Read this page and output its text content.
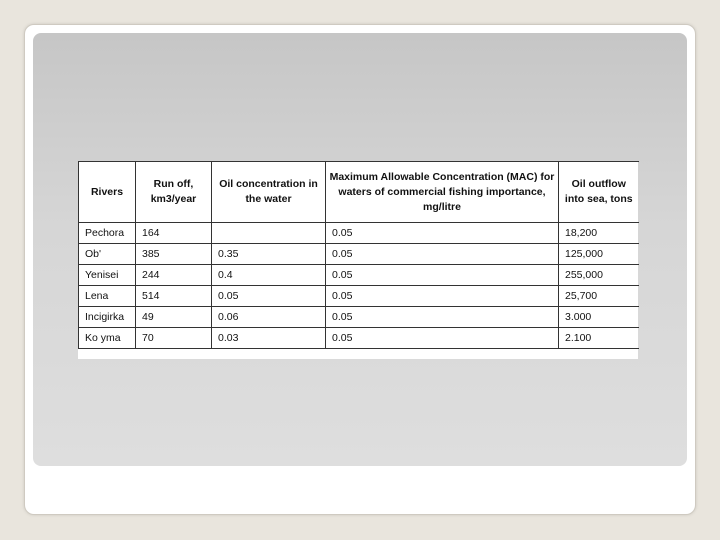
Rivers	Run off, km3/year	Oil concentration in the water	Maximum Allowable Concentration (MAC) for waters of commercial fishing importance, mg/litre	Oil outflow into sea, tons
Pechora	164		0.05	18,200
Ob'	385	0.35	0.05	125,000
Yenisei	244	0.4	0.05	255,000
Lena	514	0.05	0.05	25,700
Incigirka	49	0.06	0.05	3.000
Ko yma	70	0.03	0.05	2.100
